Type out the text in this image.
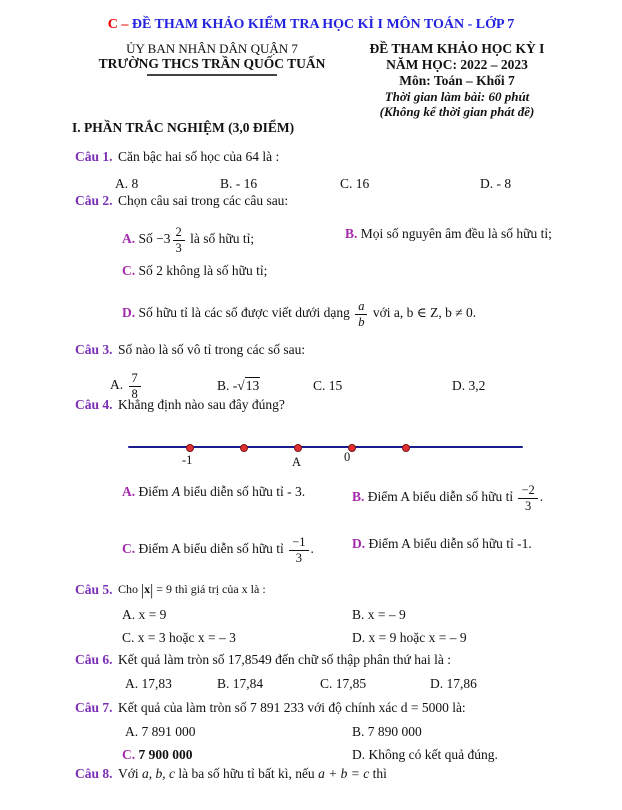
C – ĐỀ THAM KHẢO KIỂM TRA HỌC KÌ I MÔN TOÁN - LỚP 7
ỦY BAN NHÂN DÂN QUẬN 7
TRƯỜNG THCS TRẦN QUỐC TUẤN
ĐỀ THAM KHẢO HỌC KỲ I
NĂM HỌC: 2022 – 2023
Môn: Toán – Khối 7
Thời gian làm bài: 60 phút
(Không kể thời gian phát đề)
I. PHẦN TRẮC NGHIỆM (3,0 ĐIỂM)
Câu 1. Căn bậc hai số học của 64 là :
A. 8	B. - 16	C. 16	D. - 8
Câu 2. Chọn câu sai trong các câu sau:
A. Số $-3 \frac{2}{3}$ là số hữu tỉ;	B. Mọi số nguyên âm đều là số hữu tỉ;
C. Số 2 không là số hữu tỉ;
D. Số hữu tỉ là các số được viết dưới dạng $\frac{a}{b}$ với a, b ∈ Z, b ≠ 0.
Câu 3. Số nào là số vô tỉ trong các số sau:
A. $\frac{7}{8}$	B. -√13	C. 15	D. 3,2
Câu 4. Khẳng định nào sau đây đúng?
-1	A	0
A. Điểm A biểu diễn số hữu tỉ - 3.	B. Điểm A biểu diễn số hữu tỉ $\frac{-2}{3}$ .
C. Điểm A biểu diễn số hữu tỉ $\frac{-1}{3}$ .	D. Điểm A biểu diễn số hữu tỉ -1.
Câu 5. Cho |x| = 9 thì giá trị của x là :
A. x = 9	B. x = – 9
C. x = 3 hoặc x = – 3	D. x = 9 hoặc x = – 9
Câu 6. Kết quả làm tròn số 17,8549 đến chữ số thập phân thứ hai là :
A. 17,83	B. 17,84	C. 17,85	D. 17,86
Câu 7. Kết quả của làm tròn số 7 891 233 với độ chính xác d = 5000 là:
A. 7 891 000	B. 7 890 000
C. 7 900 000	D. Không có kết quả đúng.
Câu 8. Với a, b, c là ba số hữu tỉ bất kì, nếu a + b = c thì
